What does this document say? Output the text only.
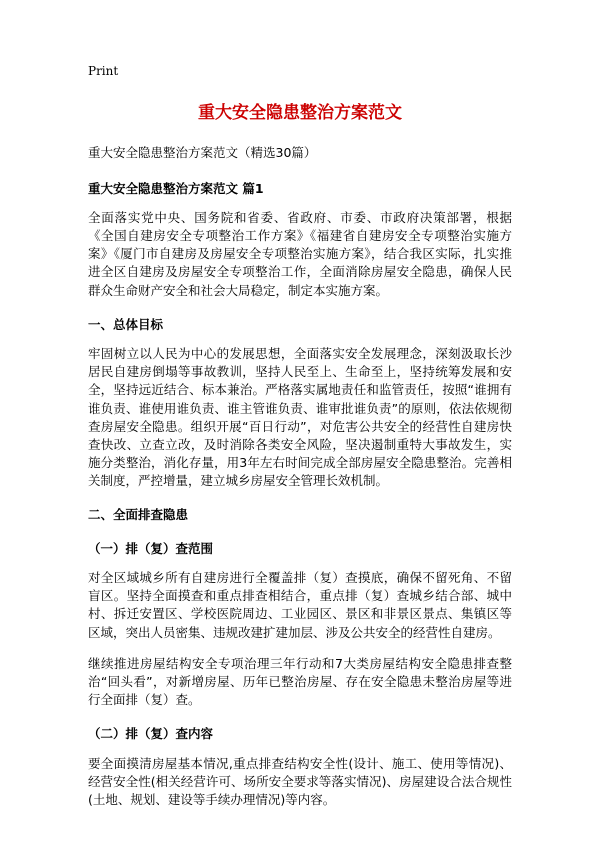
Print
重大安全隐患整治方案范文
重大安全隐患整治方案范文（精选30篇）
重大安全隐患整治方案范文 篇1

全面落实党中央、国务院和省委、省政府、市委、市政府决策部署，根据《全国自建房安全专项整治工作方案》《福建省自建房安全专项整治实施方案》《厦门市自建房及房屋安全专项整治实施方案》，结合我区实际，扎实推进全区自建房及房屋安全专项整治工作，全面消除房屋安全隐患，确保人民群众生命财产安全和社会大局稳定，制定本实施方案。

一、总体目标

牢固树立以人民为中心的发展思想，全面落实安全发展理念，深刻汲取长沙居民自建房倒塌等事故教训，坚持人民至上、生命至上，坚持统筹发展和安全，坚持远近结合、标本兼治。严格落实属地责任和监管责任，按照“谁拥有谁负责、谁使用谁负责、谁主管谁负责、谁审批谁负责”的原则，依法依规彻查房屋安全隐患。组织开展“百日行动”，对危害公共安全的经营性自建房快查快改、立查立改，及时消除各类安全风险，坚决遏制重特大事故发生，实施分类整治，消化存量，用3年左右时间完成全部房屋安全隐患整治。完善相关制度，严控增量，建立城乡房屋安全管理长效机制。

二、全面排查隐患
（一）排（复）查范围

对全区域城乡所有自建房进行全覆盖排（复）查摸底，确保不留死角、不留盲区。坚持全面摸查和重点排查相结合，重点排（复）查城乡结合部、城中村、拆迁安置区、学校医院周边、工业园区、景区和非景区景点、集镇区等区域，突出人员密集、违规改建扩建加层、涉及公共安全的经营性自建房。

继续推进房屋结构安全专项治理三年行动和7大类房屋结构安全隐患排查整治“回头看”，对新增房屋、历年已整治房屋、存在安全隐患未整治房屋等进行全面排（复）查。

（二）排（复）查内容

要全面摸清房屋基本情况,重点排查结构安全性(设计、施工、使用等情况)、经营安全性(相关经营许可、场所安全要求等落实情况)、房屋建设合法合规性(土地、规划、建设等手续办理情况)等内容。
